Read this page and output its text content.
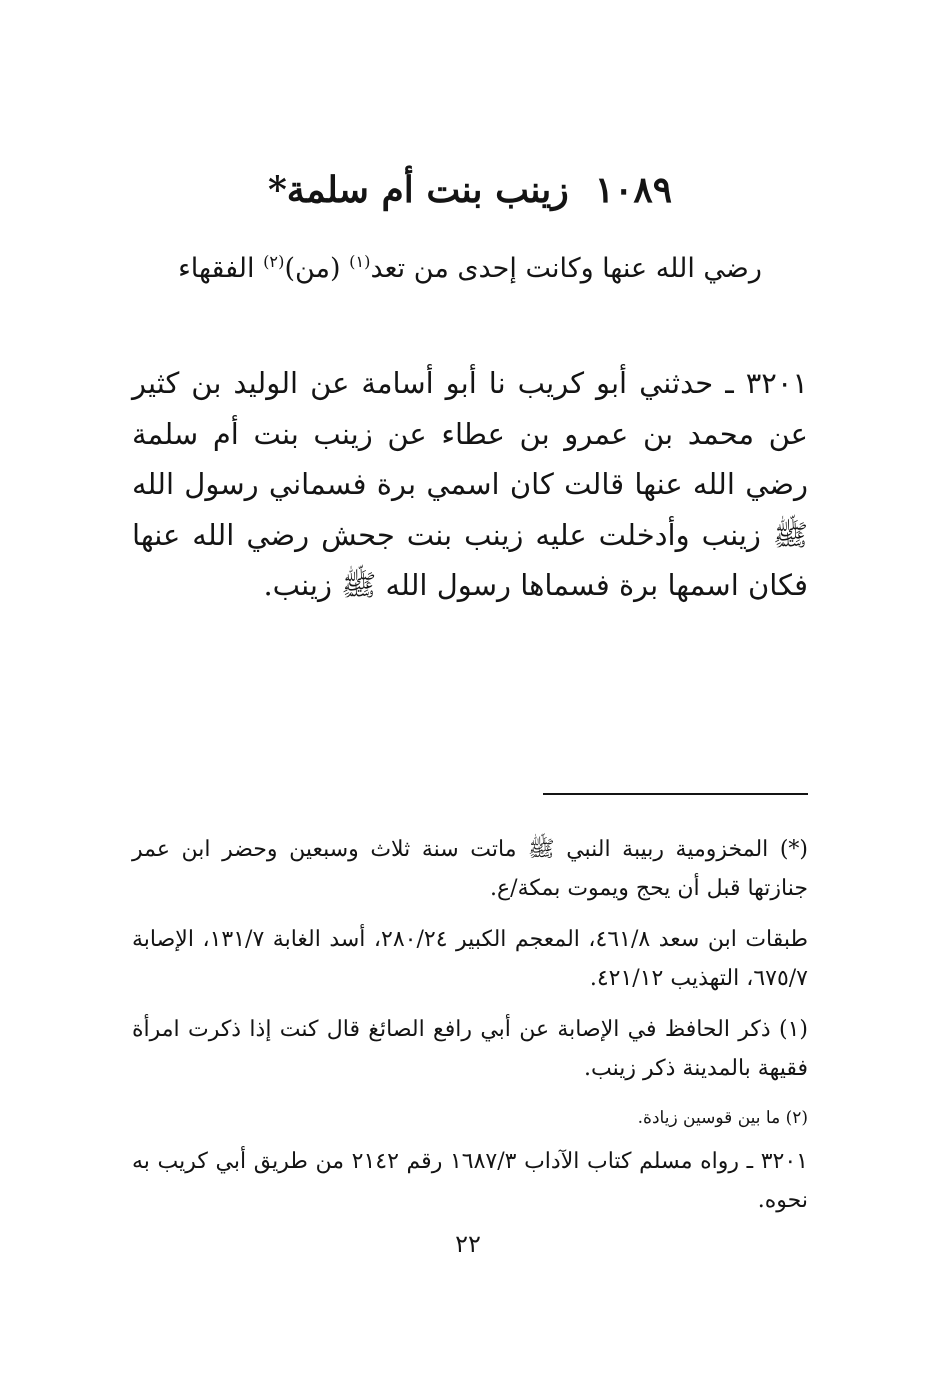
١٠٨٩زينب بنت أم سلمة*
رضي الله عنها وكانت إحدى من تعد$^{(١)}$ (من)$^{(٢)}$ الفقهاء
٣٢٠١ ـ حدثني أبو كريب نا أبو أسامة عن الوليد بن كثير عن محمد بن عمرو بن عطاء عن زينب بنت أم سلمة رضي الله عنها قالت كان اسمي برة فسماني رسول الله ﷺ زينب وأدخلت عليه زينب بنت جحش رضي الله عنها فكان اسمها برة فسماها رسول الله ﷺ زينب.

(*) المخزومية ربيبة النبي ﷺ ماتت سنة ثلاث وسبعين وحضر ابن عمر جنازتها قبل أن يحج ويموت بمكة/ع.

طبقات ابن سعد ٤٦١/٨، المعجم الكبير ٢٨٠/٢٤، أسد الغابة ١٣١/٧، الإصابة ٦٧٥/٧، التهذيب ٤٢١/١٢.

(١) ذكر الحافظ في الإصابة عن أبي رافع الصائغ قال كنت إذا ذكرت امرأة فقيهة بالمدينة ذكر زينب.

(٢) ما بين قوسين زيادة.

٣٢٠١ ـ رواه مسلم كتاب الآداب ١٦٨٧/٣ رقم ٢١٤٢ من طريق أبي كريب به نحوه.

٢٢
